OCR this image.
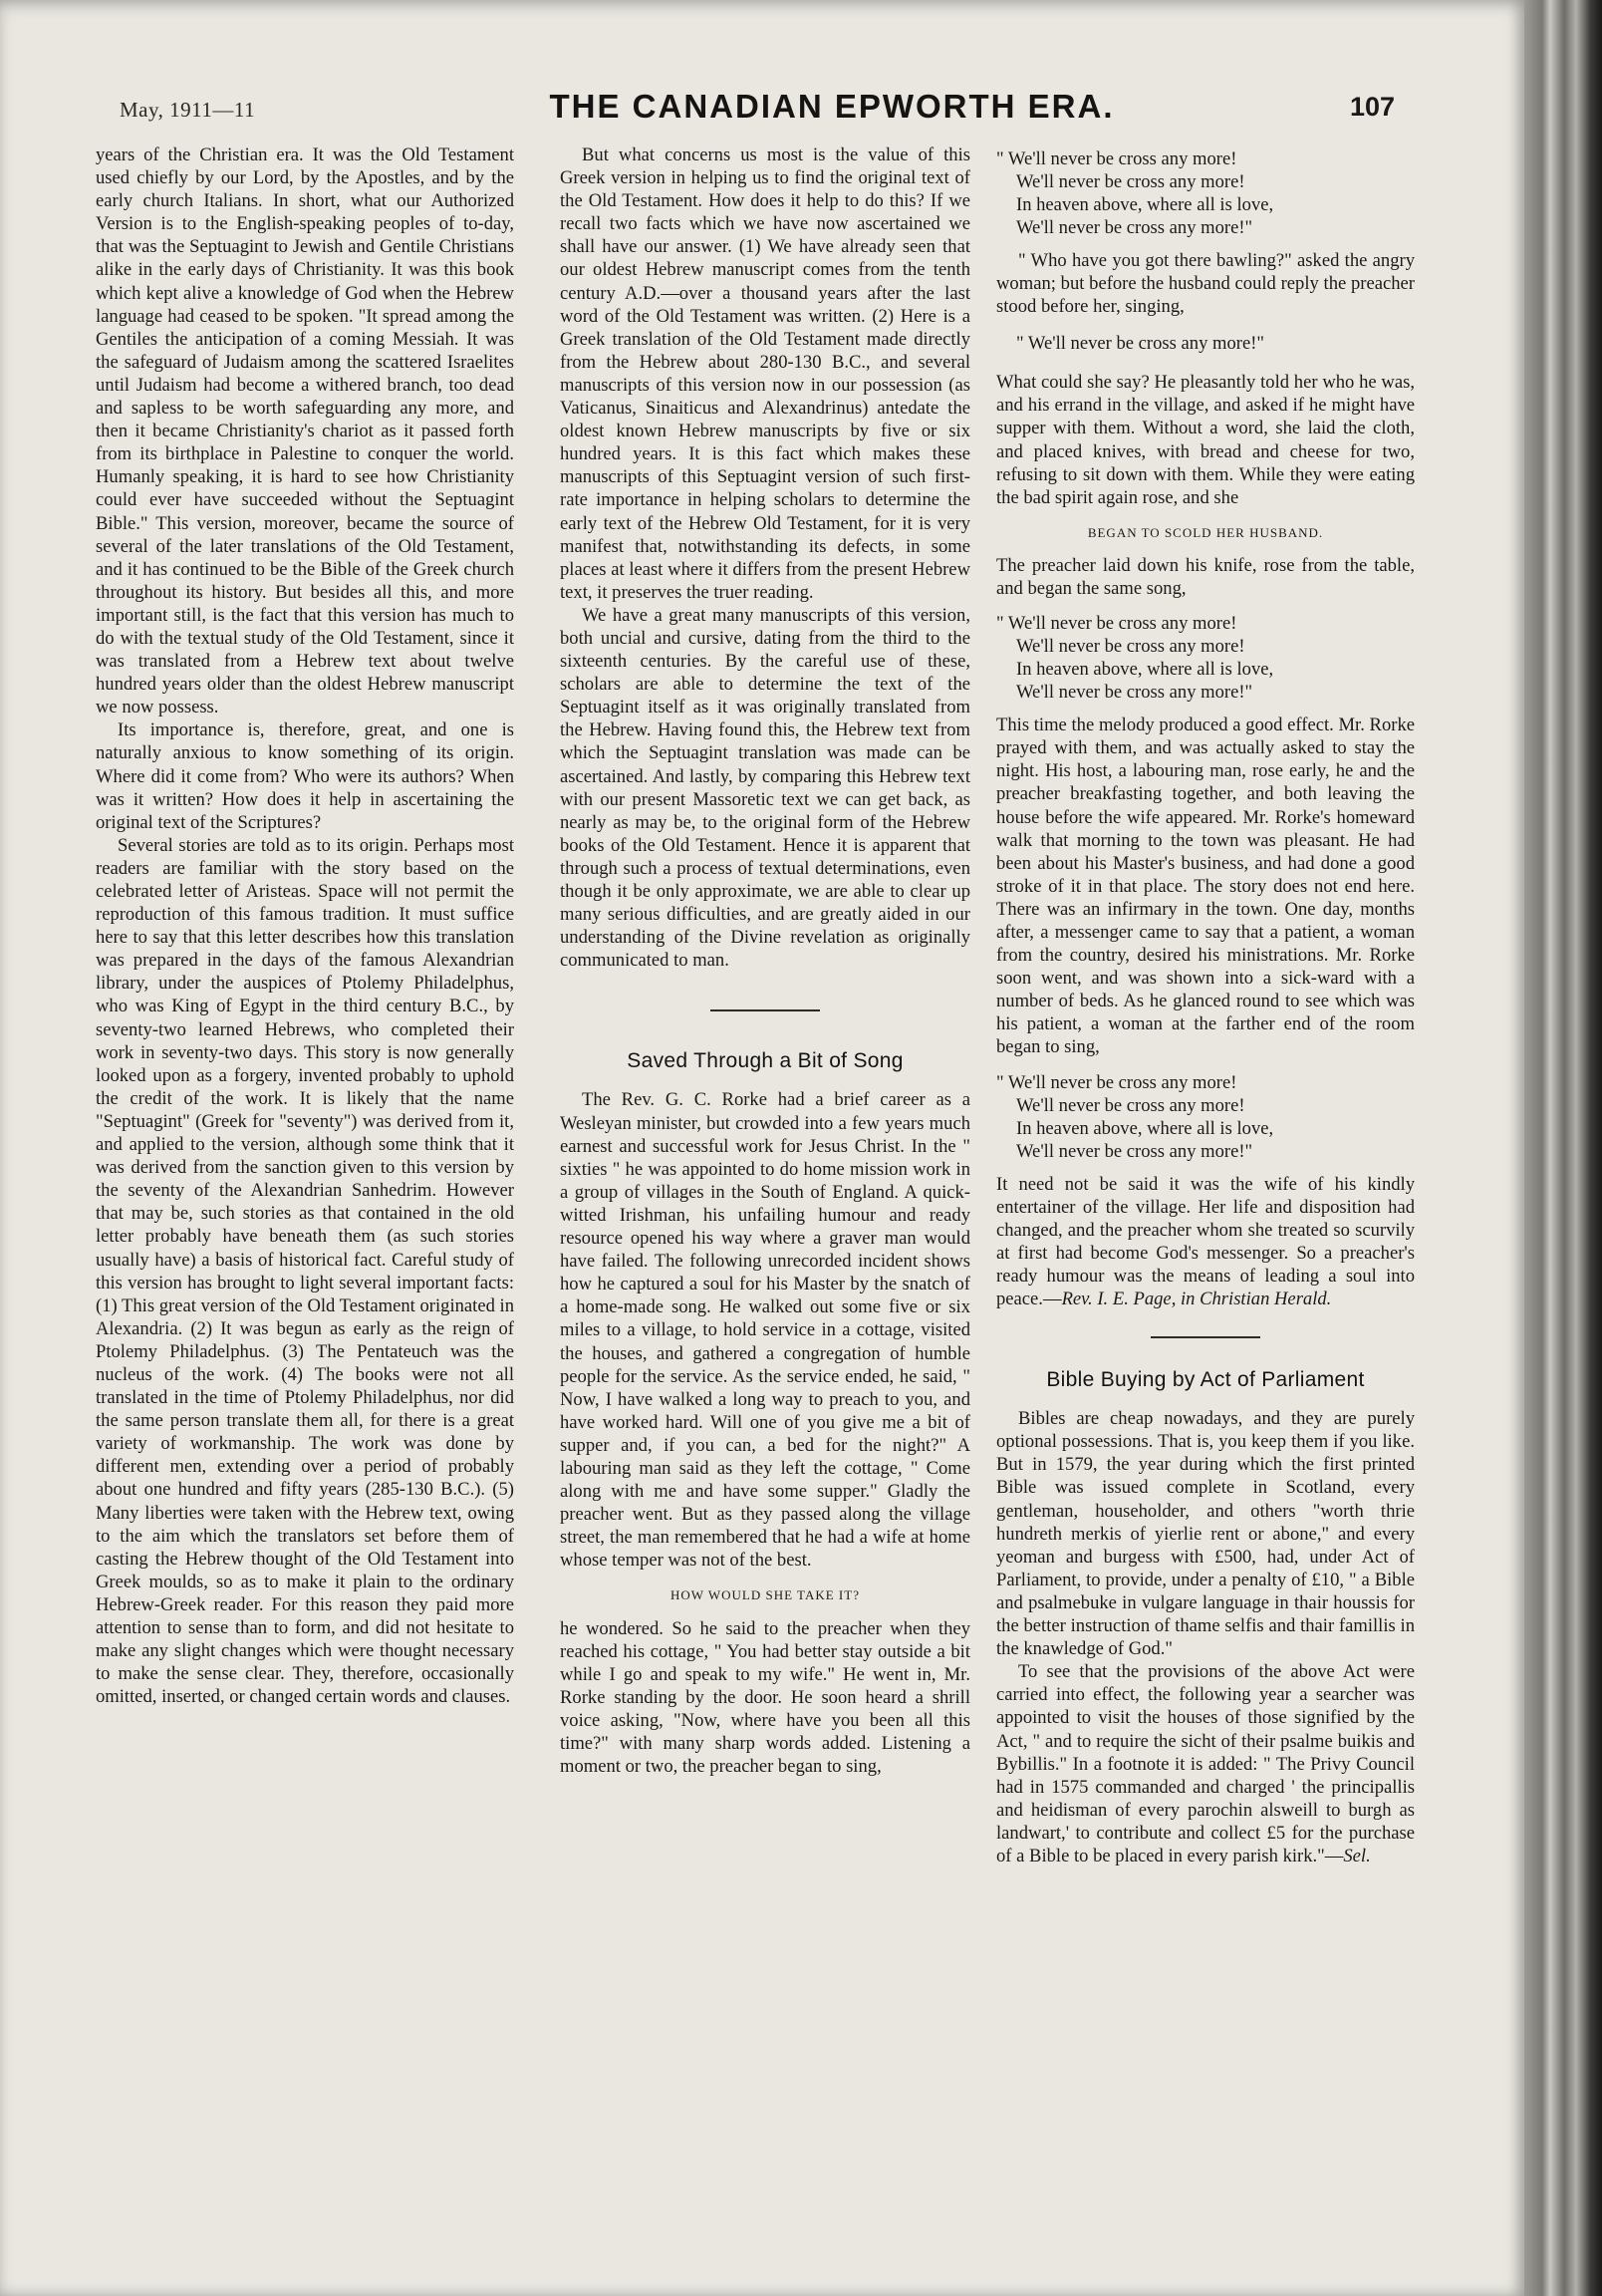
May, 1911—11	THE CANADIAN EPWORTH ERA.	107

years of the Christian era. It was the Old Testament used chiefly by our Lord, by the Apostles, and by the early church Italians. In short, what our Authorized Version is to the English-speaking peoples of to-day, that was the Septuagint to Jewish and Gentile Christians alike in the early days of Christianity. It was this book which kept alive a knowledge of God when the Hebrew language had ceased to be spoken. "It spread among the Gentiles the anticipation of a coming Messiah. It was the safeguard of Judaism among the scattered Israelites until Judaism had become a withered branch, too dead and sapless to be worth safeguarding any more, and then it became Christianity's chariot as it passed forth from its birthplace in Palestine to conquer the world. Humanly speaking, it is hard to see how Christianity could ever have succeeded without the Septuagint Bible." This version, moreover, became the source of several of the later translations of the Old Testament, and it has continued to be the Bible of the Greek church throughout its history. But besides all this, and more important still, is the fact that this version has much to do with the textual study of the Old Testament, since it was translated from a Hebrew text about twelve hundred years older than the oldest Hebrew manuscript we now possess.

Its importance is, therefore, great, and one is naturally anxious to know something of its origin. Where did it come from? Who were its authors? When was it written? How does it help in ascertaining the original text of the Scriptures?

Several stories are told as to its origin. Perhaps most readers are familiar with the story based on the celebrated letter of Aristeas. Space will not permit the reproduction of this famous tradition. It must suffice here to say that this letter describes how this translation was prepared in the days of the famous Alexandrian library, under the auspices of Ptolemy Philadelphus, who was King of Egypt in the third century B.C., by seventy-two learned Hebrews, who completed their work in seventy-two days. This story is now generally looked upon as a forgery, invented probably to uphold the credit of the work. It is likely that the name "Septuagint" (Greek for "seventy") was derived from it, and applied to the version, although some think that it was derived from the sanction given to this version by the seventy of the Alexandrian Sanhedrim. However that may be, such stories as that contained in the old letter probably have beneath them (as such stories usually have) a basis of historical fact. Careful study of this version has brought to light several important facts: (1) This great version of the Old Testament originated in Alexandria. (2) It was begun as early as the reign of Ptolemy Philadelphus. (3) The Pentateuch was the nucleus of the work. (4) The books were not all translated in the time of Ptolemy Philadelphus, nor did the same person translate them all, for there is a great variety of workmanship. The work was done by different men, extending over a period of probably about one hundred and fifty years (285-130 B.C.). (5) Many liberties were taken with the Hebrew text, owing to the aim which the translators set before them of casting the Hebrew thought of the Old Testament into Greek moulds, so as to make it plain to the ordinary Hebrew-Greek reader. For this reason they paid more attention to sense than to form, and did not hesitate to make any slight changes which were thought necessary to make the sense clear. They, therefore, occasionally omitted, inserted, or changed certain words and clauses.

But what concerns us most is the value of this Greek version in helping us to find the original text of the Old Testament. How does it help to do this? If we recall two facts which we have now ascertained we shall have our answer. (1) We have already seen that our oldest Hebrew manuscript comes from the tenth century A.D.—over a thousand years after the last word of the Old Testament was written. (2) Here is a Greek translation of the Old Testament made directly from the Hebrew about 280-130 B.C., and several manuscripts of this version now in our possession (as Vaticanus, Sinaiticus and Alexandrinus) antedate the oldest known Hebrew manuscripts by five or six hundred years. It is this fact which makes these manuscripts of this Septuagint version of such first-rate importance in helping scholars to determine the early text of the Hebrew Old Testament, for it is very manifest that, notwithstanding its defects, in some places at least where it differs from the present Hebrew text, it preserves the truer reading.

We have a great many manuscripts of this version, both uncial and cursive, dating from the third to the sixteenth centuries. By the careful use of these, scholars are able to determine the text of the Septuagint itself as it was originally translated from the Hebrew. Having found this, the Hebrew text from which the Septuagint translation was made can be ascertained. And lastly, by comparing this Hebrew text with our present Massoretic text we can get back, as nearly as may be, to the original form of the Hebrew books of the Old Testament. Hence it is apparent that through such a process of textual determinations, even though it be only approximate, we are able to clear up many serious difficulties, and are greatly aided in our understanding of the Divine revelation as originally communicated to man.

Saved Through a Bit of Song

The Rev. G. C. Rorke had a brief career as a Wesleyan minister, but crowded into a few years much earnest and successful work for Jesus Christ. In the " sixties " he was appointed to do home mission work in a group of villages in the South of England. A quick-witted Irishman, his unfailing humour and ready resource opened his way where a graver man would have failed. The following unrecorded incident shows how he captured a soul for his Master by the snatch of a home-made song. He walked out some five or six miles to a village, to hold service in a cottage, visited the houses, and gathered a congregation of humble people for the service. As the service ended, he said, " Now, I have walked a long way to preach to you, and have worked hard. Will one of you give me a bit of supper and, if you can, a bed for the night?" A labouring man said as they left the cottage, " Come along with me and have some supper." Gladly the preacher went. But as they passed along the village street, the man remembered that he had a wife at home whose temper was not of the best.

HOW WOULD SHE TAKE IT?

he wondered. So he said to the preacher when they reached his cottage, " You had better stay outside a bit while I go and speak to my wife." He went in, Mr. Rorke standing by the door. He soon heard a shrill voice asking, "Now, where have you been all this time?" with many sharp words added. Listening a moment or two, the preacher began to sing,

" We'll never be cross any more!
We'll never be cross any more!
In heaven above, where all is love,
We'll never be cross any more!"

" Who have you got there bawling?" asked the angry woman; but before the husband could reply the preacher stood before her, singing,

" We'll never be cross any more!"

What could she say? He pleasantly told her who he was, and his errand in the village, and asked if he might have supper with them. Without a word, she laid the cloth, and placed knives, with bread and cheese for two, refusing to sit down with them. While they were eating the bad spirit again rose, and she

BEGAN TO SCOLD HER HUSBAND.

The preacher laid down his knife, rose from the table, and began the same song,

" We'll never be cross any more!
We'll never be cross any more!
In heaven above, where all is love,
We'll never be cross any more!"

This time the melody produced a good effect. Mr. Rorke prayed with them, and was actually asked to stay the night. His host, a labouring man, rose early, he and the preacher breakfasting together, and both leaving the house before the wife appeared. Mr. Rorke's homeward walk that morning to the town was pleasant. He had been about his Master's business, and had done a good stroke of it in that place. The story does not end here. There was an infirmary in the town. One day, months after, a messenger came to say that a patient, a woman from the country, desired his ministrations. Mr. Rorke soon went, and was shown into a sick-ward with a number of beds. As he glanced round to see which was his patient, a woman at the farther end of the room began to sing,

" We'll never be cross any more!
We'll never be cross any more!
In heaven above, where all is love,
We'll never be cross any more!"

It need not be said it was the wife of his kindly entertainer of the village. Her life and disposition had changed, and the preacher whom she treated so scurvily at first had become God's messenger. So a preacher's ready humour was the means of leading a soul into peace.—Rev. I. E. Page, in Christian Herald.

Bible Buying by Act of Parliament

Bibles are cheap nowadays, and they are purely optional possessions. That is, you keep them if you like. But in 1579, the year during which the first printed Bible was issued complete in Scotland, every gentleman, householder, and others "worth thrie hundreth merkis of yierlie rent or abone," and every yeoman and burgess with £500, had, under Act of Parliament, to provide, under a penalty of £10, " a Bible and psalmebuke in vulgare language in thair houssis for the better instruction of thame selfis and thair famillis in the knawledge of God."

To see that the provisions of the above Act were carried into effect, the following year a searcher was appointed to visit the houses of those signified by the Act, " and to require the sicht of their psalme buikis and Bybillis." In a footnote it is added: " The Privy Council had in 1575 commanded and charged ' the principallis and heidisman of every parochin alsweill to burgh as landwart,' to contribute and collect £5 for the purchase of a Bible to be placed in every parish kirk."—Sel.
